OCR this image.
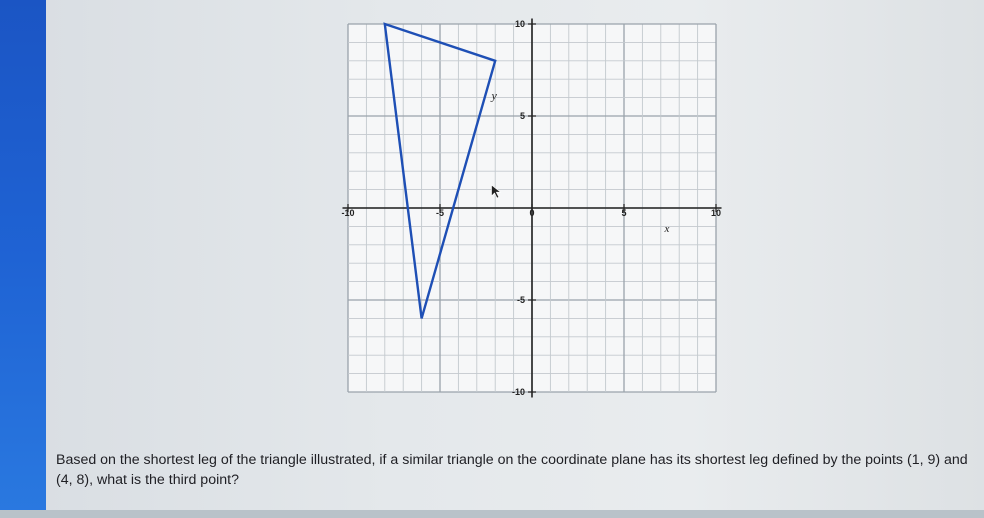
-10	-5	0	5	10
10
5
-5
-10
x
y
Based on the shortest leg of the triangle illustrated, if a similar triangle on the coordinate plane has its shortest leg defined by the points (1, 9) and
(4, 8), what is the third point?
